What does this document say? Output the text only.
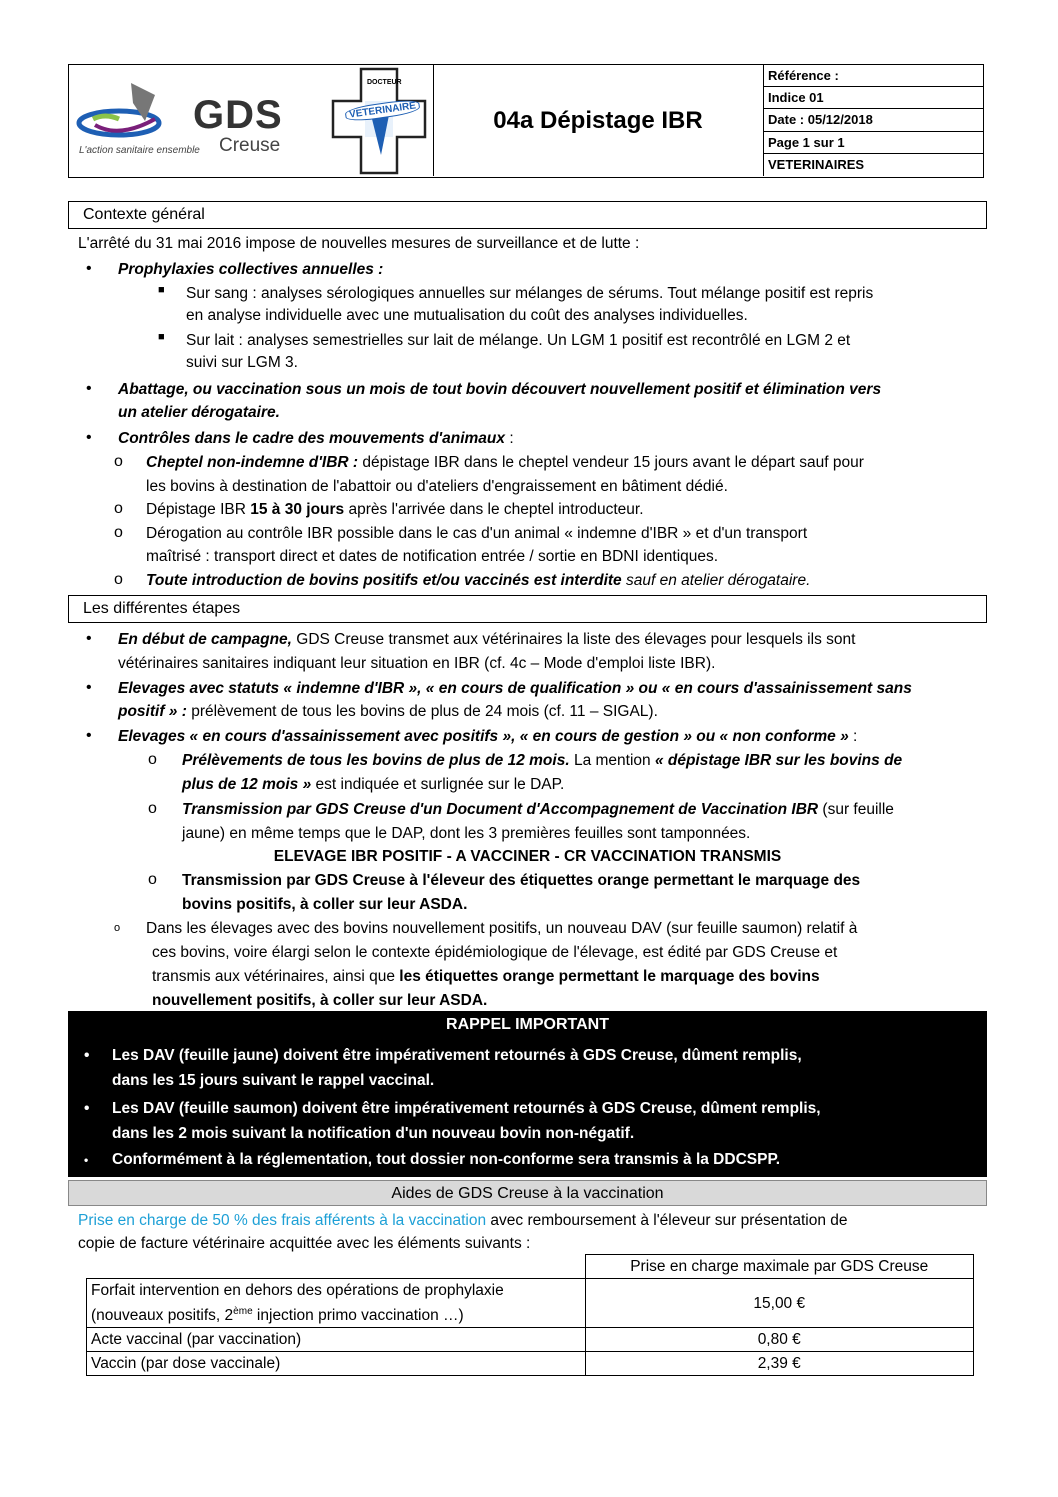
GDS
Creuse
L'action sanitaire ensemble
DOCTEUR
VETERINAIRE	04a Dépistage IBR
Référence :
Indice 01
Date : 05/12/2018
Page 1 sur 1
VETERINAIRES
Contexte général
L'arrêté du 31 mai 2016 impose de nouvelles mesures de surveillance et de lutte :
• Prophylaxies collectives annuelles :
■ Sur sang : analyses sérologiques annuelles sur mélanges de sérums. Tout mélange positif est repris
en analyse individuelle avec une mutualisation du coût des analyses individuelles.
■ Sur lait : analyses semestrielles sur lait de mélange. Un LGM 1 positif est recontrôlé en LGM 2 et
suivi sur LGM 3.
• Abattage, ou vaccination sous un mois de tout bovin découvert nouvellement positif et élimination vers
un atelier dérogataire.
• Contrôles dans le cadre des mouvements d'animaux :
o Cheptel non-indemne d'IBR : dépistage IBR dans le cheptel vendeur 15 jours avant le départ sauf pour
les bovins à destination de l'abattoir ou d'ateliers d'engraissement en bâtiment dédié.
o Dépistage IBR 15 à 30 jours après l'arrivée dans le cheptel introducteur.
o Dérogation au contrôle IBR possible dans le cas d'un animal « indemne d'IBR » et d'un transport
maîtrisé : transport direct et dates de notification entrée / sortie en BDNI identiques.
o Toute introduction de bovins positifs et/ou vaccinés est interdite sauf en atelier dérogataire.
Les différentes étapes
• En début de campagne, GDS Creuse transmet aux vétérinaires la liste des élevages pour lesquels ils sont
vétérinaires sanitaires indiquant leur situation en IBR (cf. 4c – Mode d'emploi liste IBR).
• Elevages avec statuts « indemne d'IBR », « en cours de qualification » ou « en cours d'assainissement sans
positif » : prélèvement de tous les bovins de plus de 24 mois (cf. 11 – SIGAL).
• Elevages « en cours d'assainissement avec positifs », « en cours de gestion » ou « non conforme » :
o Prélèvements de tous les bovins de plus de 12 mois. La mention « dépistage IBR sur les bovins de
plus de 12 mois » est indiquée et surlignée sur le DAP.
o Transmission par GDS Creuse d'un Document d'Accompagnement de Vaccination IBR (sur feuille
jaune) en même temps que le DAP, dont les 3 premières feuilles sont tamponnées.
ELEVAGE IBR POSITIF - A VACCINER - CR VACCINATION TRANSMIS
o Transmission par GDS Creuse à l'éleveur des étiquettes orange permettant le marquage des
bovins positifs, à coller sur leur ASDA.
o Dans les élevages avec des bovins nouvellement positifs, un nouveau DAV (sur feuille saumon) relatif à
ces bovins, voire élargi selon le contexte épidémiologique de l'élevage, est édité par GDS Creuse et
transmis aux vétérinaires, ainsi que les étiquettes orange permettant le marquage des bovins
nouvellement positifs, à coller sur leur ASDA.
RAPPEL IMPORTANT
• Les DAV (feuille jaune) doivent être impérativement retournés à GDS Creuse, dûment remplis,
dans les 15 jours suivant le rappel vaccinal.
• Les DAV (feuille saumon) doivent être impérativement retournés à GDS Creuse, dûment remplis,
dans les 2 mois suivant la notification d'un nouveau bovin non-négatif.
• Conformément à la réglementation, tout dossier non-conforme sera transmis à la DDCSPP.
Aides de GDS Creuse à la vaccination
Prise en charge de 50 % des frais afférents à la vaccination avec remboursement à l'éleveur sur présentation de
copie de facture vétérinaire acquittée avec les éléments suivants :
	Prise en charge maximale par GDS Creuse

Forfait intervention en dehors des opérations de prophylaxie
(nouveaux positifs, 2ème injection primo vaccination …)	15,00 €
Acte vaccinal (par vaccination)	0,80 €
Vaccin (par dose vaccinale)	2,39 €
